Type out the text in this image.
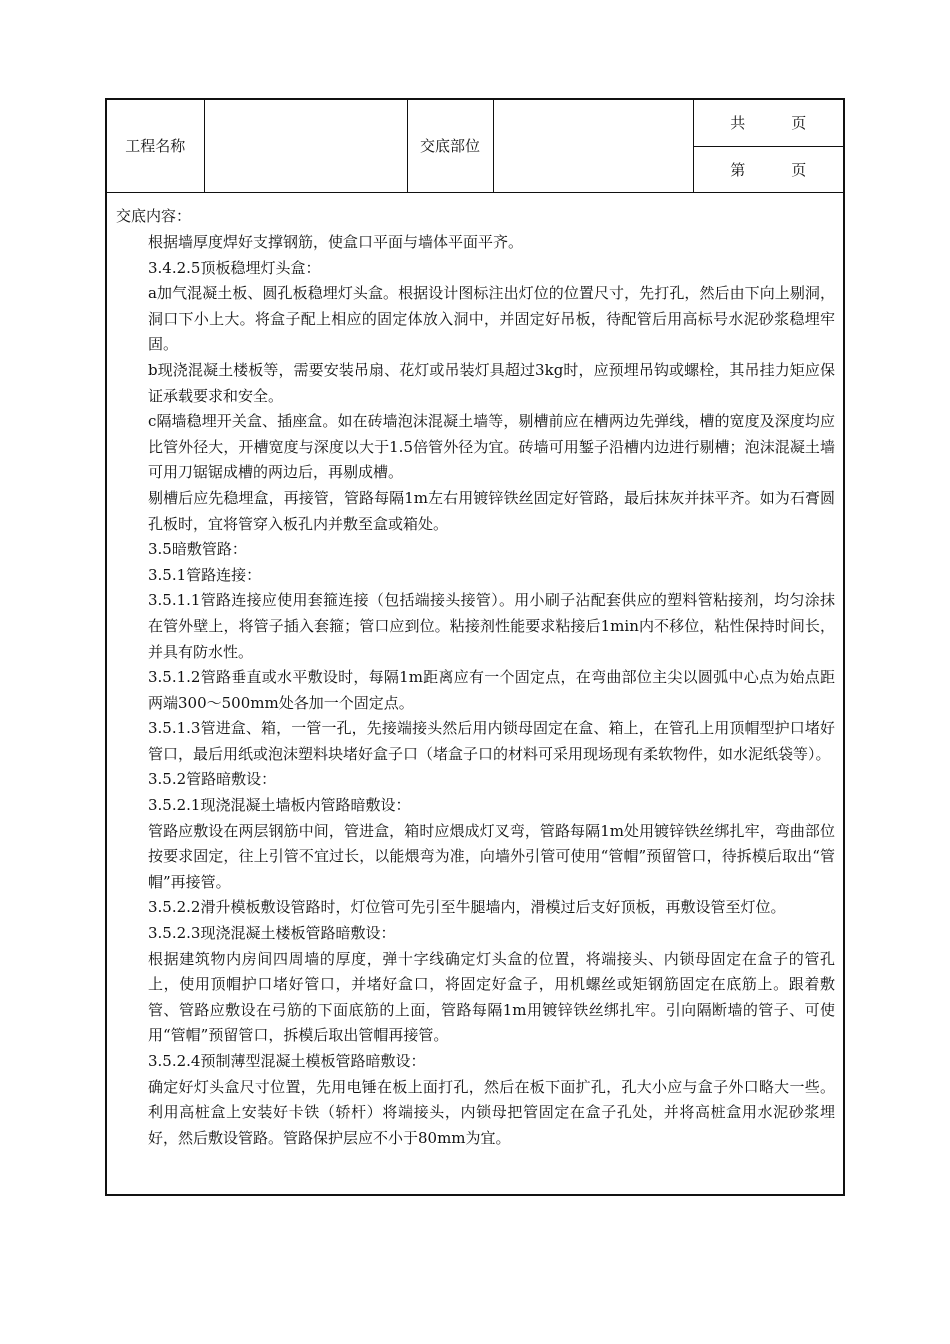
工程名称		交底部位		共	页
第	页

交底内容：

根据墙厚度焊好支撑钢筋，使盒口平面与墙体平面平齐。

3.4.2.5顶板稳埋灯头盒：

a加气混凝土板、圆孔板稳埋灯头盒。根据设计图标注出灯位的位置尺寸，先打孔，然后由下向上剔洞，洞口下小上大。将盒子配上相应的固定体放入洞中，并固定好吊板，待配管后用高标号水泥砂浆稳埋牢固。

b现浇混凝土楼板等，需要安装吊扇、花灯或吊装灯具超过3kg时，应预埋吊钩或螺栓，其吊挂力矩应保证承载要求和安全。

c隔墙稳埋开关盒、插座盒。如在砖墙泡沫混凝土墙等，剔槽前应在槽两边先弹线，槽的宽度及深度均应比管外径大，开槽宽度与深度以大于1.5倍管外径为宜。砖墙可用錾子沿槽内边进行剔槽；泡沫混凝土墙可用刀锯锯成槽的两边后，再剔成槽。

剔槽后应先稳埋盒，再接管，管路每隔1m左右用镀锌铁丝固定好管路，最后抹灰并抹平齐。如为石膏圆孔板时，宜将管穿入板孔内并敷至盒或箱处。

3.5暗敷管路：

3.5.1管路连接：

3.5.1.1管路连接应使用套箍连接（包括端接头接管）。用小刷子沾配套供应的塑料管粘接剂，均匀涂抹在管外壁上，将管子插入套箍；管口应到位。粘接剂性能要求粘接后1min内不移位，粘性保持时间长，并具有防水性。

3.5.1.2管路垂直或水平敷设时，每隔1m距离应有一个固定点，在弯曲部位主尖以圆弧中心点为始点距两端300～500mm处各加一个固定点。

3.5.1.3管进盒、箱，一管一孔，先接端接头然后用内锁母固定在盒、箱上，在管孔上用顶帽型护口堵好管口，最后用纸或泡沫塑料块堵好盒子口（堵盒子口的材料可采用现场现有柔软物件，如水泥纸袋等）。

3.5.2管路暗敷设：

3.5.2.1现浇混凝土墙板内管路暗敷设：

管路应敷设在两层钢筋中间，管进盒，箱时应煨成灯叉弯，管路每隔1m处用镀锌铁丝绑扎牢，弯曲部位按要求固定，往上引管不宜过长，以能煨弯为准，向墙外引管可使用“管帽”预留管口，待拆模后取出“管帽”再接管。

3.5.2.2滑升模板敷设管路时，灯位管可先引至牛腿墙内，滑模过后支好顶板，再敷设管至灯位。

3.5.2.3现浇混凝土楼板管路暗敷设：

根据建筑物内房间四周墙的厚度，弹十字线确定灯头盒的位置，将端接头、内锁母固定在盒子的管孔上，使用顶帽护口堵好管口，并堵好盒口，将固定好盒子，用机螺丝或矩钢筋固定在底筋上。跟着敷管、管路应敷设在弓筋的下面底筋的上面，管路每隔1m用镀锌铁丝绑扎牢。引向隔断墙的管子、可使用“管帽”预留管口，拆模后取出管帽再接管。

3.5.2.4预制薄型混凝土模板管路暗敷设：

确定好灯头盒尺寸位置，先用电锤在板上面打孔，然后在板下面扩孔，孔大小应与盒子外口略大一些。利用高桩盒上安装好卡铁（轿杆）将端接头，内锁母把管固定在盒子孔处，并将高桩盒用水泥砂浆埋好，然后敷设管路。管路保护层应不小于80mm为宜。
